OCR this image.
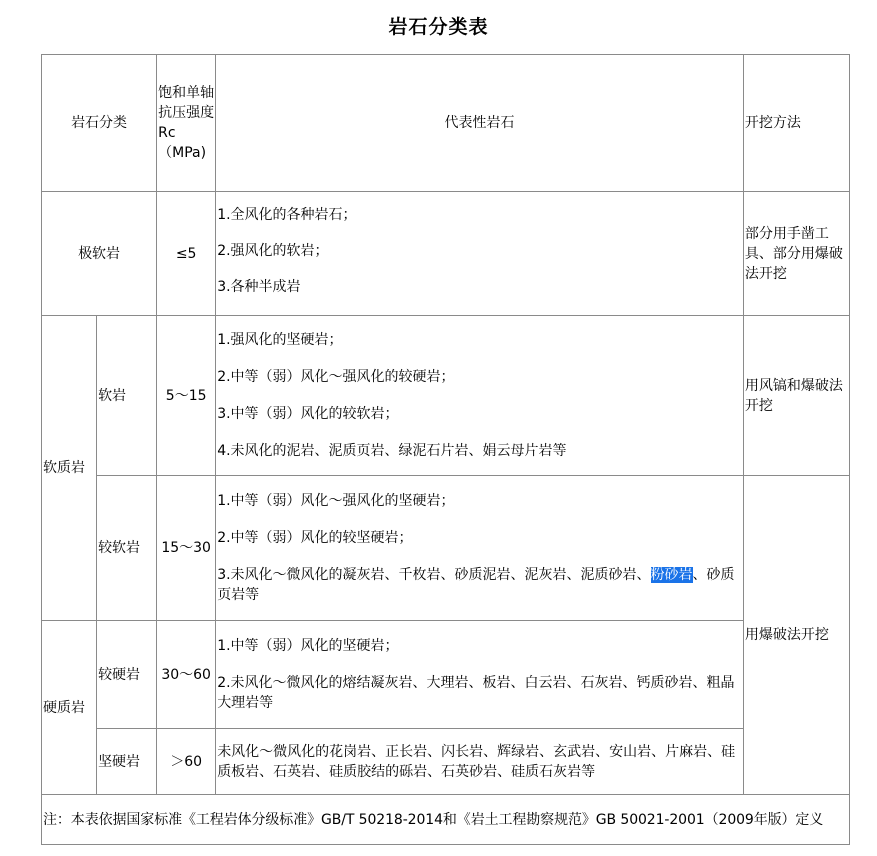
岩石分类表
岩石分类		饱和单轴抗压强度Rc（MPa)	代表性岩石	开挖方法
极软岩		≤5	1.全风化的各种岩石；
2.强风化的软岩；
3.各种半成岩	部分用手凿工具、部分用爆破法开挖
软质岩	软岩	5～15	1.强风化的坚硬岩；
2.中等（弱）风化～强风化的较硬岩；
3.中等（弱）风化的较软岩；
4.未风化的泥岩、泥质页岩、绿泥石片岩、娟云母片岩等	用风镐和爆破法开挖
	较软岩	15～30	1.中等（弱）风化～强风化的坚硬岩；
2.中等（弱）风化的较坚硬岩；
3.未风化～微风化的凝灰岩、千枚岩、砂质泥岩、泥灰岩、泥质砂岩、粉砂岩、砂质页岩等	用爆破法开挖
硬质岩	较硬岩	30～60	1.中等（弱）风化的坚硬岩；
2.未风化～微风化的熔结凝灰岩、大理岩、板岩、白云岩、石灰岩、钙质砂岩、粗晶大理岩等	

	坚硬岩	＞60	未风化～微风化的花岗岩、正长岩、闪长岩、辉绿岩、玄武岩、安山岩、片麻岩、硅质板岩、石英岩、硅质胶结的砾岩、石英砂岩、硅质石灰岩等	

注：本表依据国家标准《工程岩体分级标准》GB/T 50218-2014和《岩土工程勘察规范》GB 50021-2001（2009年版）定义				
